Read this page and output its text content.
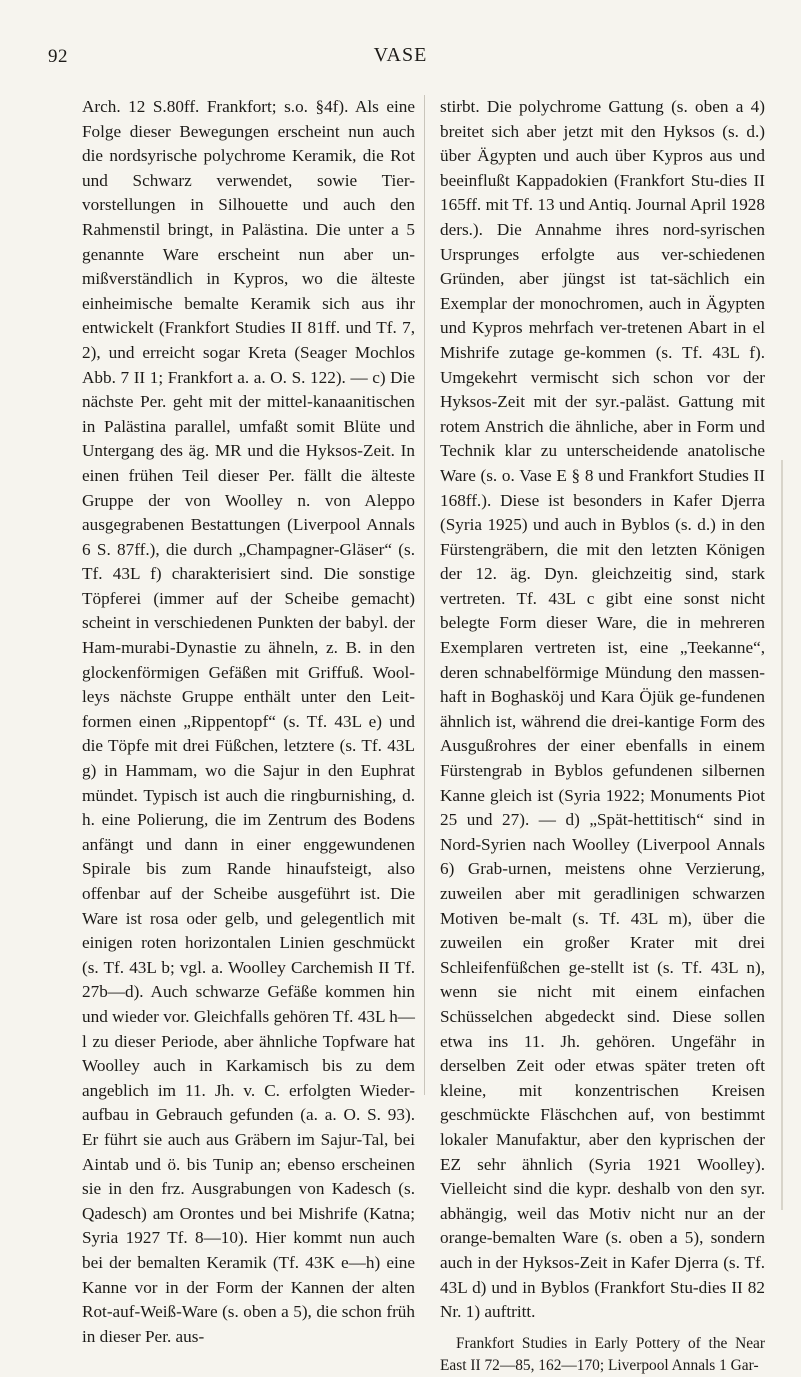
92	VASE

Arch. 12 S.80ff. Frankfort; s.o. §4f). Als eine Folge dieser Bewegungen erscheint nun auch die nordsyrische polychrome Keramik, die Rot und Schwarz verwendet, sowie Tier-vorstellungen in Silhouette und auch den Rahmenstil bringt, in Palästina. Die unter a 5 genannte Ware erscheint nun aber un-mißverständlich in Kypros, wo die älteste einheimische bemalte Keramik sich aus ihr entwickelt (Frankfort Studies II 81ff. und Tf. 7, 2), und erreicht sogar Kreta (Seager Mochlos Abb. 7 II 1; Frankfort a. a. O. S. 122). — c) Die nächste Per. geht mit der mittel-kanaanitischen in Palästina parallel, umfaßt somit Blüte und Untergang des äg. MR und die Hyksos-Zeit. In einen frühen Teil dieser Per. fällt die älteste Gruppe der von Woolley n. von Aleppo ausgegrabenen Bestattungen (Liverpool Annals 6 S. 87ff.), die durch „Champagner-Gläser“ (s. Tf. 43L f) charakterisiert sind. Die sonstige Töpferei (immer auf der Scheibe gemacht) scheint in verschiedenen Punkten der babyl. der Ham-murabi-Dynastie zu ähneln, z. B. in den glockenförmigen Gefäßen mit Griffuß. Wool-leys nächste Gruppe enthält unter den Leit-formen einen „Rippentopf“ (s. Tf. 43L e) und die Töpfe mit drei Füßchen, letztere (s. Tf. 43L g) in Hammam, wo die Sajur in den Euphrat mündet. Typisch ist auch die ringburnishing, d. h. eine Polierung, die im Zentrum des Bodens anfängt und dann in einer enggewundenen Spirale bis zum Rande hinaufsteigt, also offenbar auf der Scheibe ausgeführt ist. Die Ware ist rosa oder gelb, und gelegentlich mit einigen roten horizontalen Linien geschmückt (s. Tf. 43L b; vgl. a. Woolley Carchemish II Tf. 27b—d). Auch schwarze Gefäße kommen hin und wieder vor. Gleichfalls gehören Tf. 43L h—l zu dieser Periode, aber ähnliche Topfware hat Woolley auch in Karkamisch bis zu dem angeblich im 11. Jh. v. C. erfolgten Wieder-aufbau in Gebrauch gefunden (a. a. O. S. 93). Er führt sie auch aus Gräbern im Sajur-Tal, bei Aintab und ö. bis Tunip an; ebenso erscheinen sie in den frz. Ausgrabungen von Kadesch (s. Qadesch) am Orontes und bei Mishrife (Katna; Syria 1927 Tf. 8—10). Hier kommt nun auch bei der bemalten Keramik (Tf. 43K e—h) eine Kanne vor in der Form der Kannen der alten Rot-auf-Weiß-Ware (s. oben a 5), die schon früh in dieser Per. aus-

stirbt. Die polychrome Gattung (s. oben a 4) breitet sich aber jetzt mit den Hyksos (s. d.) über Ägypten und auch über Kypros aus und beeinflußt Kappadokien (Frankfort Stu-dies II 165ff. mit Tf. 13 und Antiq. Journal April 1928 ders.). Die Annahme ihres nord-syrischen Ursprunges erfolgte aus ver-schiedenen Gründen, aber jüngst ist tat-sächlich ein Exemplar der monochromen, auch in Ägypten und Kypros mehrfach ver-tretenen Abart in el Mishrife zutage ge-kommen (s. Tf. 43L f). Umgekehrt vermischt sich schon vor der Hyksos-Zeit mit der syr.-paläst. Gattung mit rotem Anstrich die ähnliche, aber in Form und Technik klar zu unterscheidende anatolische Ware (s. o. Vase E § 8 und Frankfort Studies II 168ff.). Diese ist besonders in Kafer Djerra (Syria 1925) und auch in Byblos (s. d.) in den Fürstengräbern, die mit den letzten Königen der 12. äg. Dyn. gleichzeitig sind, stark vertreten. Tf. 43L c gibt eine sonst nicht belegte Form dieser Ware, die in mehreren Exemplaren vertreten ist, eine „Teekanne“, deren schnabelförmige Mündung den massen-haft in Boghasköj und Kara Öjük ge-fundenen ähnlich ist, während die drei-kantige Form des Ausgußrohres der einer ebenfalls in einem Fürstengrab in Byblos gefundenen silbernen Kanne gleich ist (Syria 1922; Monuments Piot 25 und 27). — d) „Spät-hettitisch“ sind in Nord-Syrien nach Woolley (Liverpool Annals 6) Grab-urnen, meistens ohne Verzierung, zuweilen aber mit geradlinigen schwarzen Motiven be-malt (s. Tf. 43L m), über die zuweilen ein großer Krater mit drei Schleifenfüßchen ge-stellt ist (s. Tf. 43L n), wenn sie nicht mit einem einfachen Schüsselchen abgedeckt sind. Diese sollen etwa ins 11. Jh. gehören. Ungefähr in derselben Zeit oder etwas später treten oft kleine, mit konzentrischen Kreisen geschmückte Fläschchen auf, von bestimmt lokaler Manufaktur, aber den kyprischen der EZ sehr ähnlich (Syria 1921 Woolley). Vielleicht sind die kypr. deshalb von den syr. abhängig, weil das Motiv nicht nur an der orange-bemalten Ware (s. oben a 5), sondern auch in der Hyksos-Zeit in Kafer Djerra (s. Tf. 43L d) und in Byblos (Frankfort Stu-dies II 82 Nr. 1) auftritt.

Frankfort Studies in Early Pottery of the Near East II 72—85, 162—170; Liverpool Annals 1 Gar-
